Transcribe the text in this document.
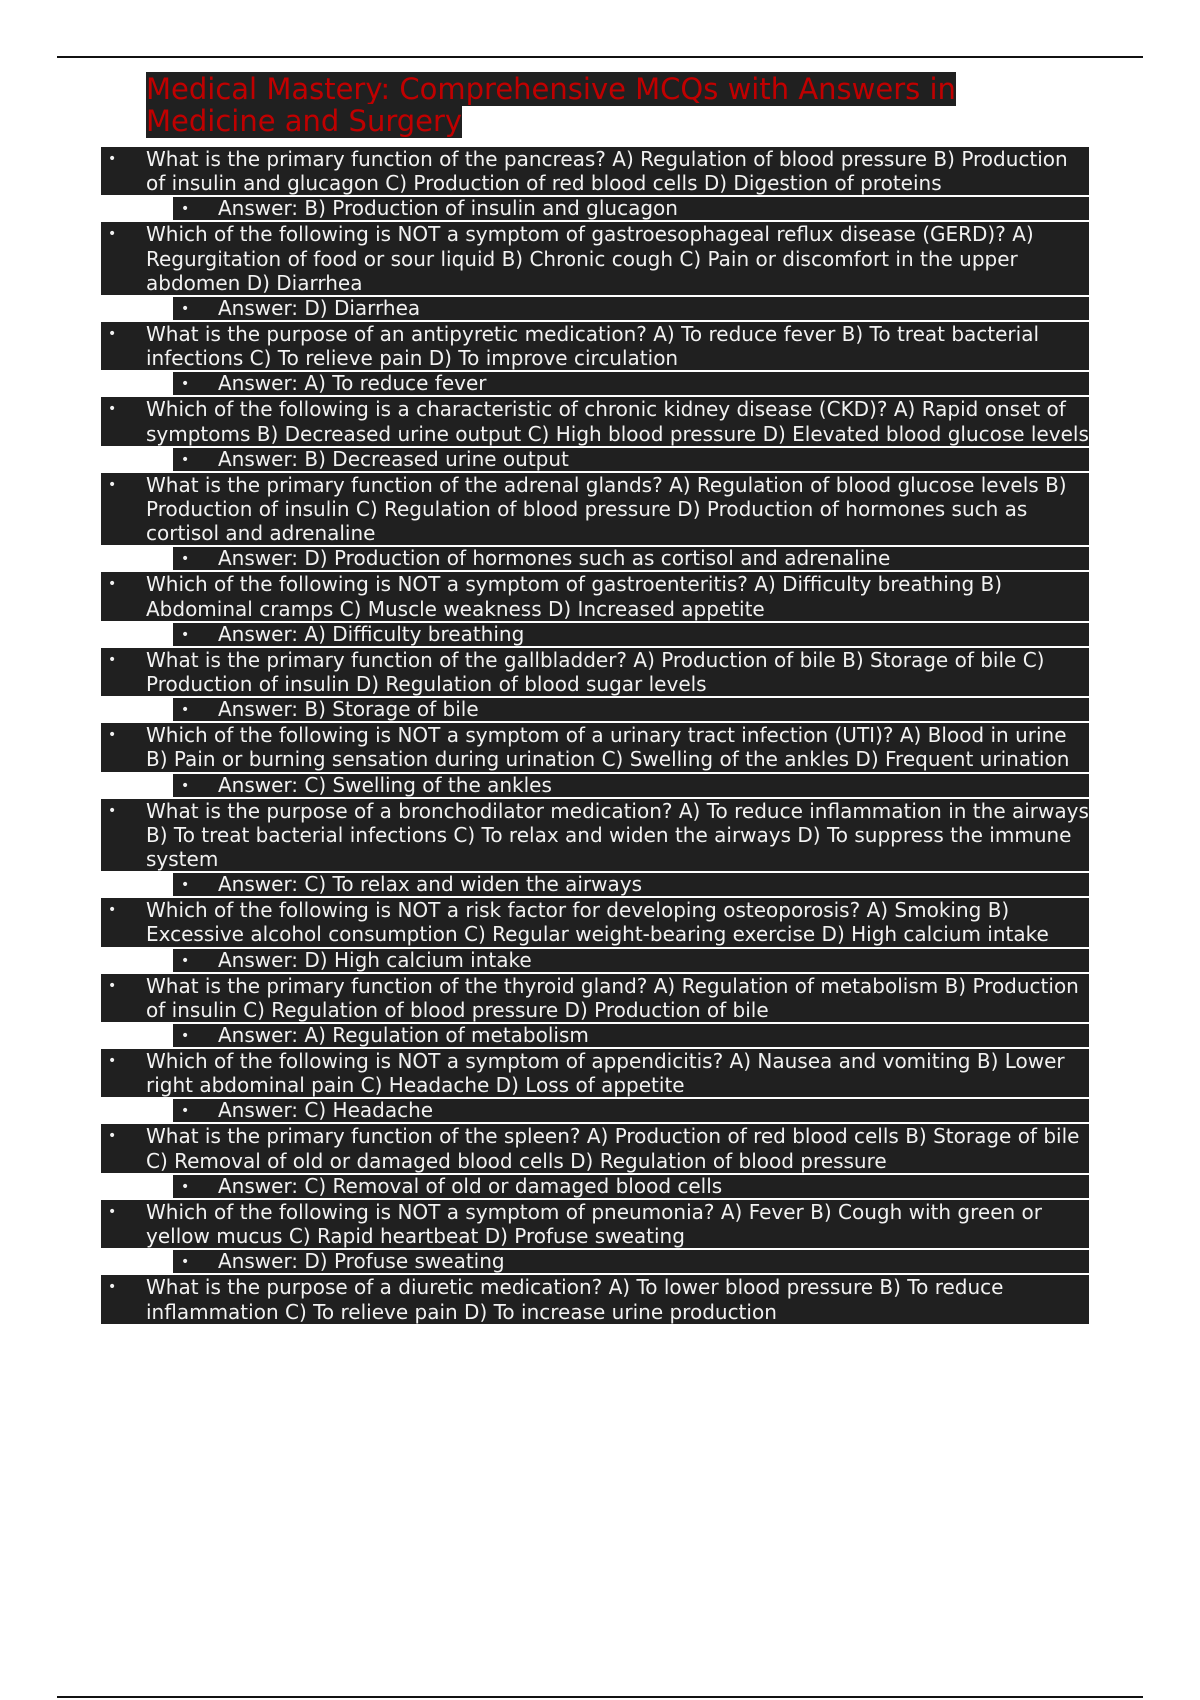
Medical Mastery: Comprehensive MCQs with Answers in Medicine and Surgery
• What is the primary function of the pancreas? A) Regulation of blood pressure B) Production of insulin and glucagon C) Production of red blood cells D) Digestion of proteins
• Answer: B) Production of insulin and glucagon
• Which of the following is NOT a symptom of gastroesophageal reflux disease (GERD)? A) Regurgitation of food or sour liquid B) Chronic cough C) Pain or discomfort in the upper abdomen D) Diarrhea
• Answer: D) Diarrhea
• What is the purpose of an antipyretic medication? A) To reduce fever B) To treat bacterial infections C) To relieve pain D) To improve circulation
• Answer: A) To reduce fever
• Which of the following is a characteristic of chronic kidney disease (CKD)? A) Rapid onset of symptoms B) Decreased urine output C) High blood pressure D) Elevated blood glucose levels
• Answer: B) Decreased urine output
• What is the primary function of the adrenal glands? A) Regulation of blood glucose levels B) Production of insulin C) Regulation of blood pressure D) Production of hormones such as cortisol and adrenaline
• Answer: D) Production of hormones such as cortisol and adrenaline
• Which of the following is NOT a symptom of gastroenteritis? A) Difficulty breathing B) Abdominal cramps C) Muscle weakness D) Increased appetite
• Answer: A) Difficulty breathing
• What is the primary function of the gallbladder? A) Production of bile B) Storage of bile C) Production of insulin D) Regulation of blood sugar levels
• Answer: B) Storage of bile
• Which of the following is NOT a symptom of a urinary tract infection (UTI)? A) Blood in urine B) Pain or burning sensation during urination C) Swelling of the ankles D) Frequent urination
• Answer: C) Swelling of the ankles
• What is the purpose of a bronchodilator medication? A) To reduce inflammation in the airways B) To treat bacterial infections C) To relax and widen the airways D) To suppress the immune system
• Answer: C) To relax and widen the airways
• Which of the following is NOT a risk factor for developing osteoporosis? A) Smoking B) Excessive alcohol consumption C) Regular weight-bearing exercise D) High calcium intake
• Answer: D) High calcium intake
• What is the primary function of the thyroid gland? A) Regulation of metabolism B) Production of insulin C) Regulation of blood pressure D) Production of bile
• Answer: A) Regulation of metabolism
• Which of the following is NOT a symptom of appendicitis? A) Nausea and vomiting B) Lower right abdominal pain C) Headache D) Loss of appetite
• Answer: C) Headache
• What is the primary function of the spleen? A) Production of red blood cells B) Storage of bile C) Removal of old or damaged blood cells D) Regulation of blood pressure
• Answer: C) Removal of old or damaged blood cells
• Which of the following is NOT a symptom of pneumonia? A) Fever B) Cough with green or yellow mucus C) Rapid heartbeat D) Profuse sweating
• Answer: D) Profuse sweating
• What is the purpose of a diuretic medication? A) To lower blood pressure B) To reduce inflammation C) To relieve pain D) To increase urine production
